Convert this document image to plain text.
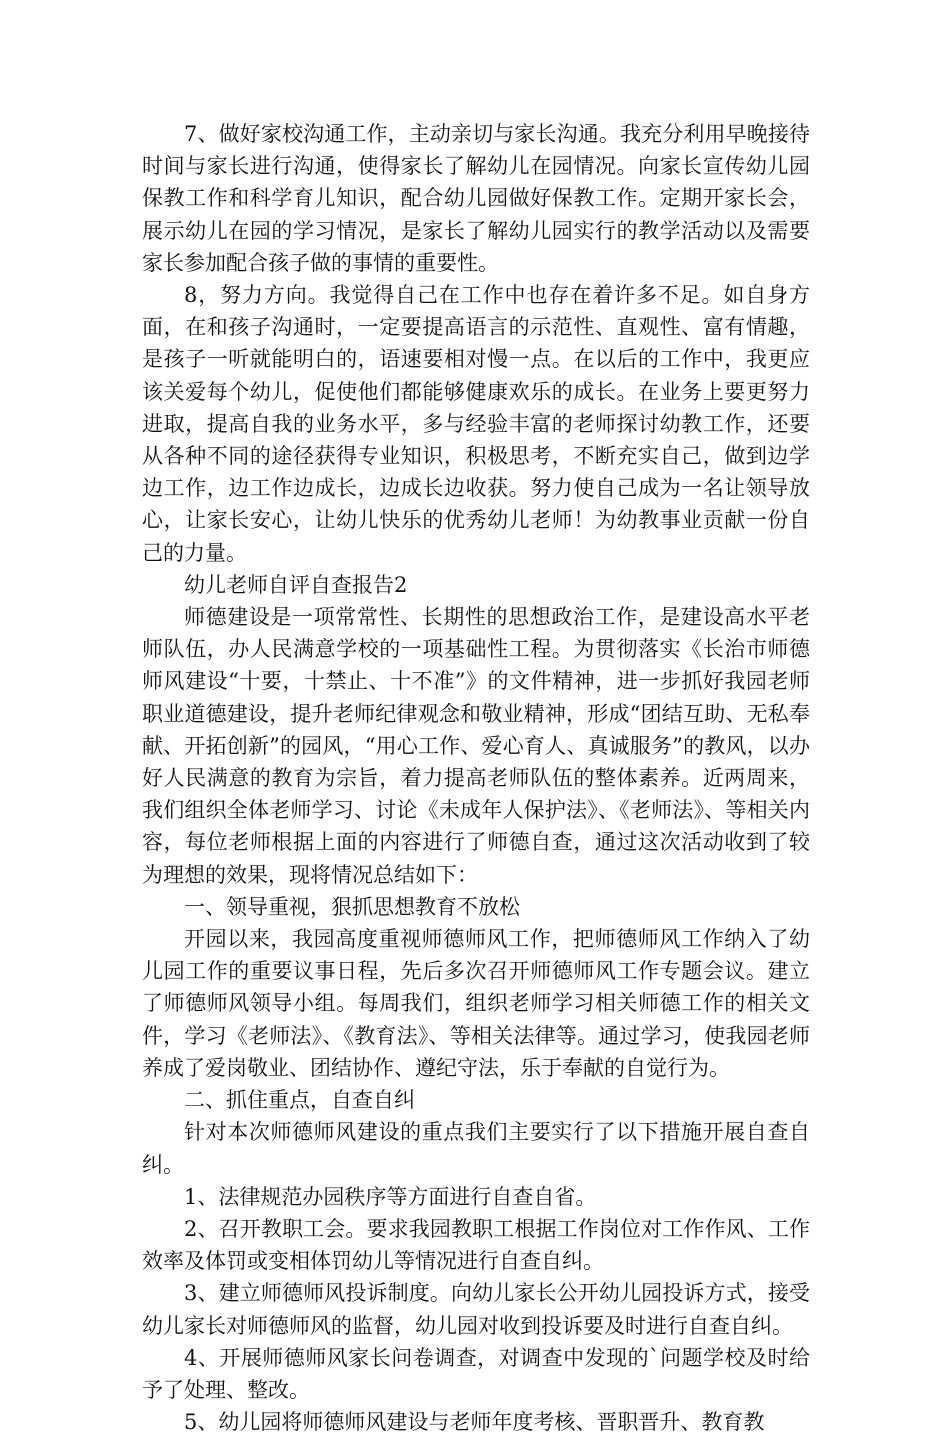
7、做好家校沟通工作，主动亲切与家长沟通。我充分利用早晚接待时间与家长进行沟通，使得家长了解幼儿在园情况。向家长宣传幼儿园保教工作和科学育儿知识，配合幼儿园做好保教工作。定期开家长会，展示幼儿在园的学习情况，是家长了解幼儿园实行的教学活动以及需要家长参加配合孩子做的事情的重要性。

8，努力方向。我觉得自己在工作中也存在着许多不足。如自身方面，在和孩子沟通时，一定要提高语言的示范性、直观性、富有情趣，是孩子一听就能明白的，语速要相对慢一点。在以后的工作中，我更应该关爱每个幼儿，促使他们都能够健康欢乐的成长。在业务上要更努力进取，提高自我的业务水平，多与经验丰富的老师探讨幼教工作，还要从各种不同的途径获得专业知识，积极思考，不断充实自己，做到边学边工作，边工作边成长，边成长边收获。努力使自己成为一名让领导放心，让家长安心，让幼儿快乐的优秀幼儿老师！为幼教事业贡献一份自己的力量。

幼儿老师自评自查报告2

师德建设是一项常常性、长期性的思想政治工作，是建设高水平老师队伍，办人民满意学校的一项基础性工程。为贯彻落实《长治市师德师风建设“十要，十禁止、十不准”》的文件精神，进一步抓好我园老师职业道德建设，提升老师纪律观念和敬业精神，形成“团结互助、无私奉献、开拓创新”的园风，“用心工作、爱心育人、真诚服务”的教风，以办好人民满意的教育为宗旨，着力提高老师队伍的整体素养。近两周来，我们组织全体老师学习、讨论《未成年人保护法》、《老师法》、等相关内容，每位老师根据上面的内容进行了师德自查，通过这次活动收到了较为理想的效果，现将情况总结如下：

一、领导重视，狠抓思想教育不放松

开园以来，我园高度重视师德师风工作，把师德师风工作纳入了幼儿园工作的重要议事日程，先后多次召开师德师风工作专题会议。建立了师德师风领导小组。每周我们，组织老师学习相关师德工作的相关文件，学习《老师法》、《教育法》、等相关法律等。通过学习，使我园老师养成了爱岗敬业、团结协作、遵纪守法，乐于奉献的自觉行为。

二、抓住重点，自查自纠

针对本次师德师风建设的重点我们主要实行了以下措施开展自查自纠。

1、法律规范办园秩序等方面进行自查自省。

2、召开教职工会。要求我园教职工根据工作岗位对工作作风、工作效率及体罚或变相体罚幼儿等情况进行自查自纠。

3、建立师德师风投诉制度。向幼儿家长公开幼儿园投诉方式，接受幼儿家长对师德师风的监督，幼儿园对收到投诉要及时进行自查自纠。

4、开展师德师风家长问卷调查，对调查中发现的`问题学校及时给予了处理、整改。

5、幼儿园将师德师风建设与老师年度考核、晋职晋升、教育教
